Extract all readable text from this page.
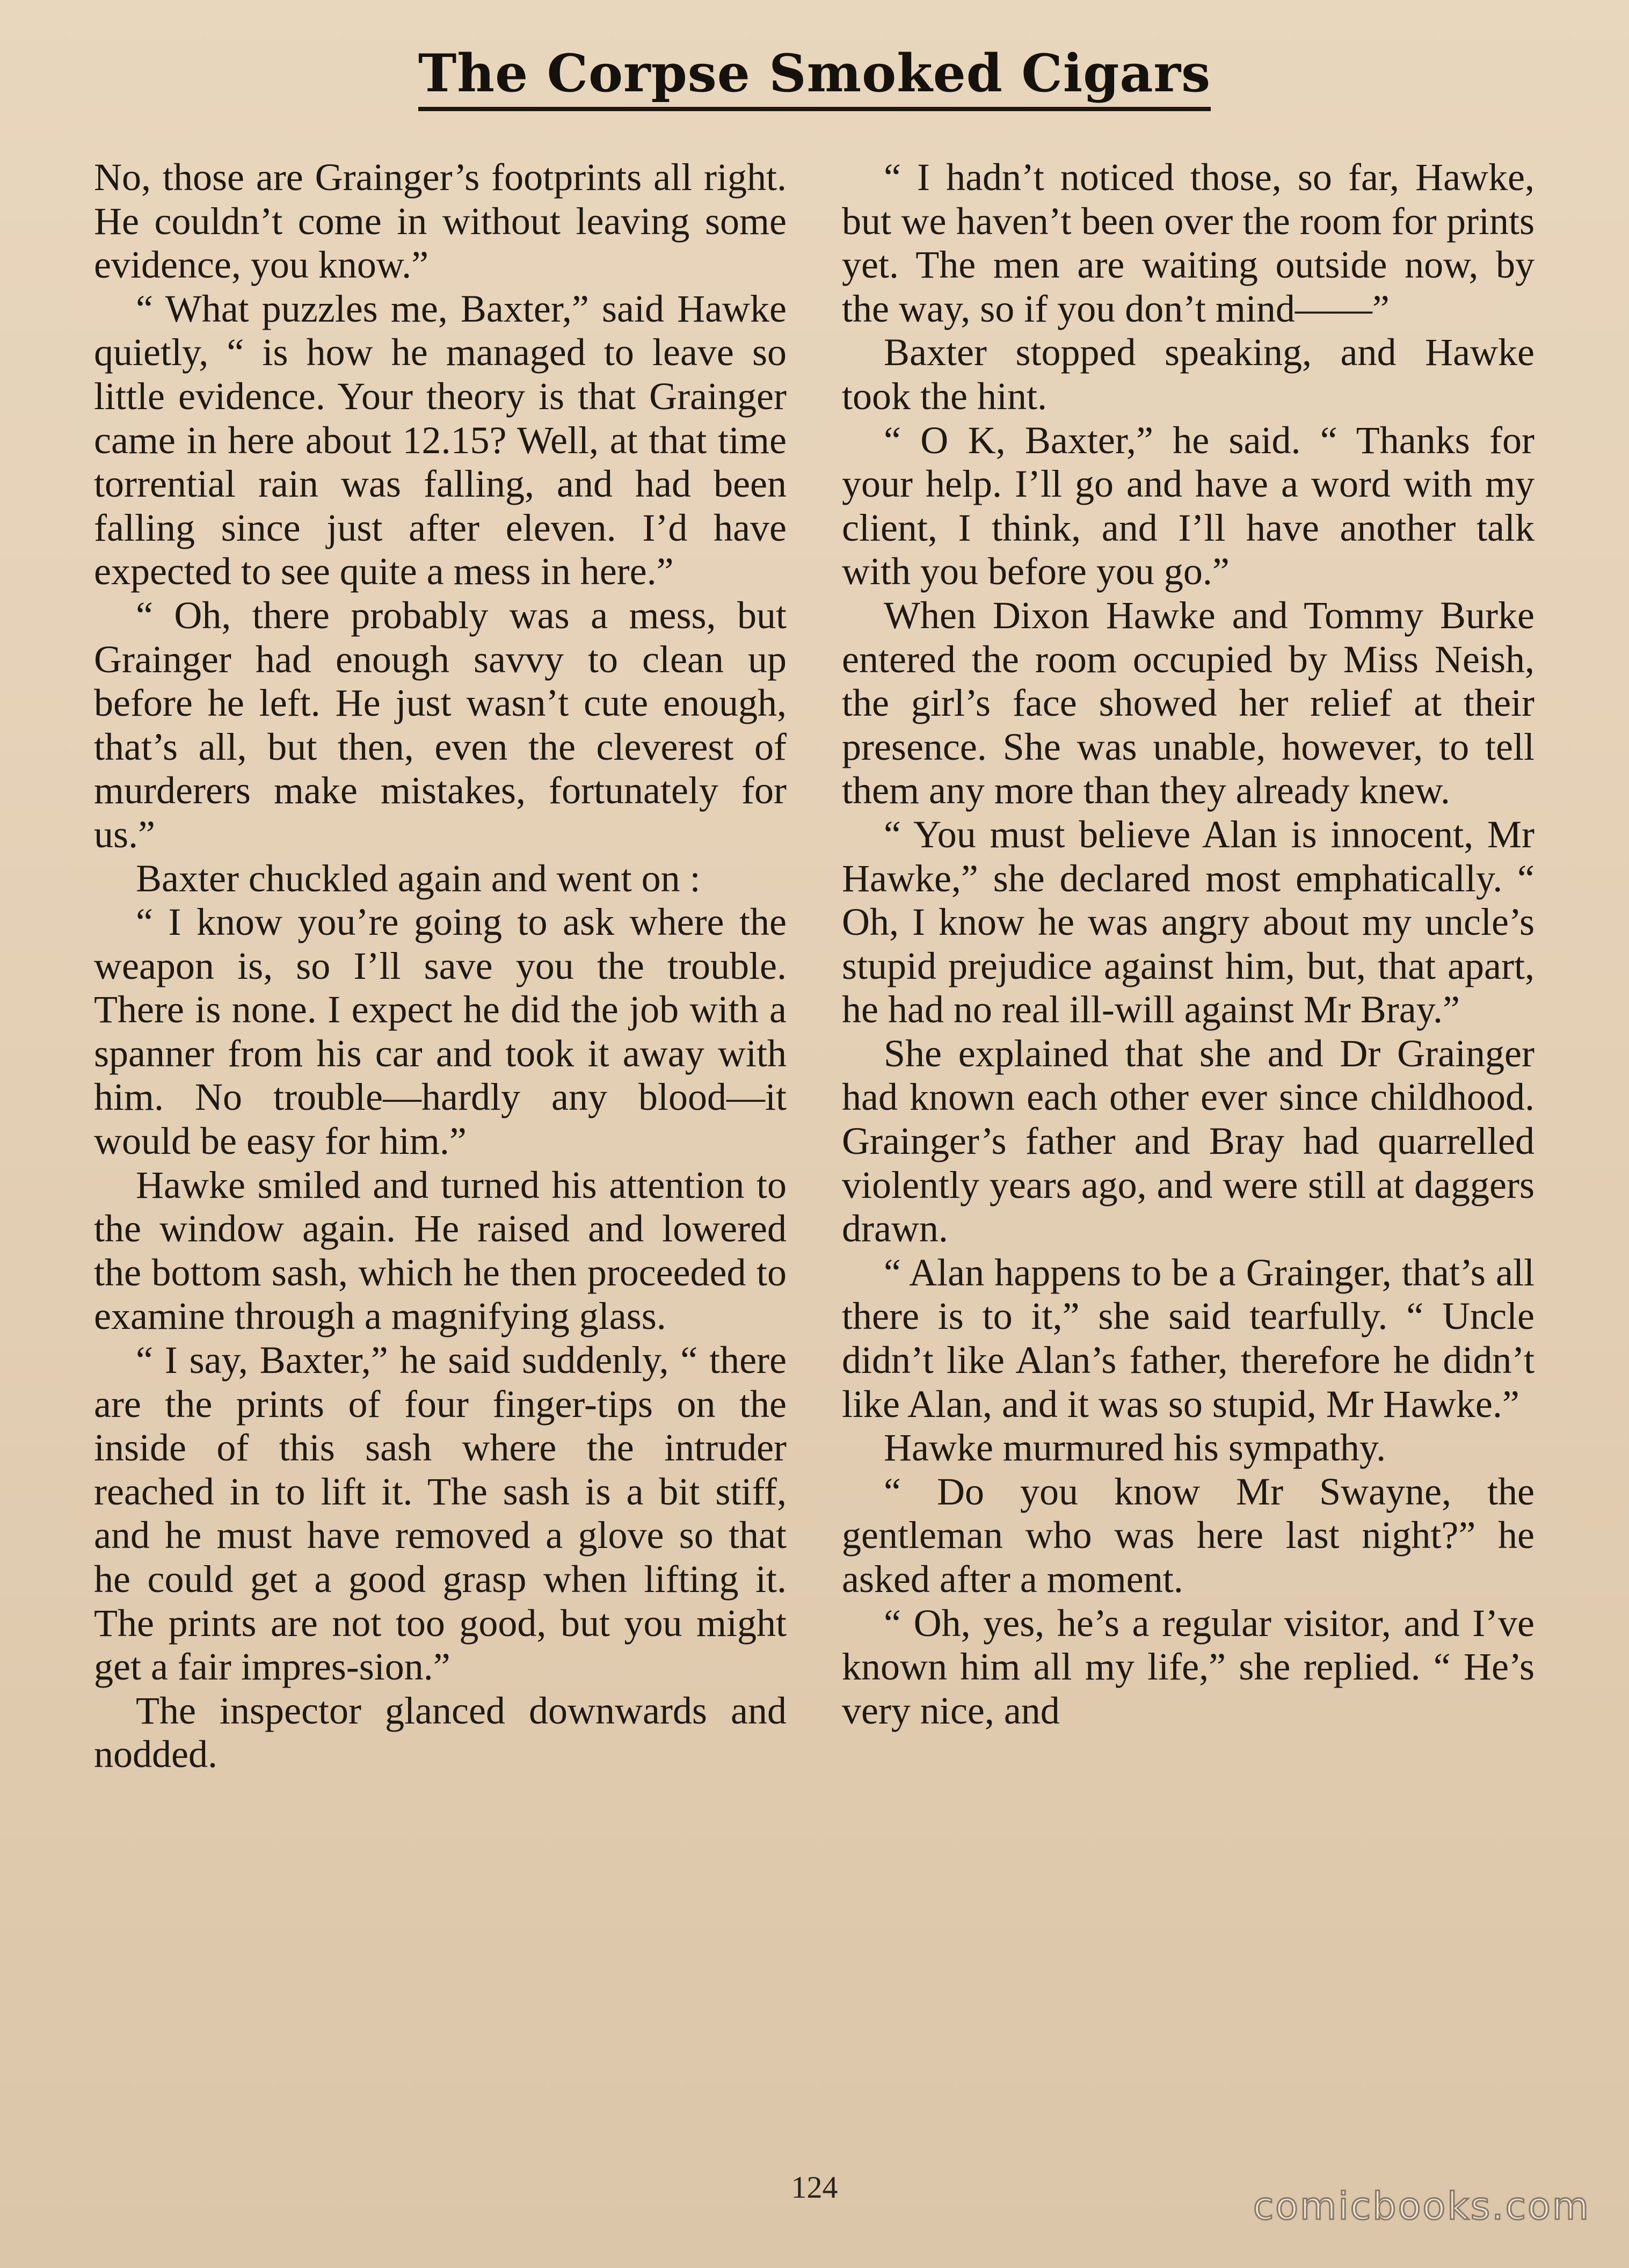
The Corpse Smoked Cigars

No, those are Grainger’s footprints all right. He couldn’t come in without leaving some evidence, you know.”

“ What puzzles me, Baxter,” said Hawke quietly, “ is how he managed to leave so little evidence. Your theory is that Grainger came in here about 12.15? Well, at that time torrential rain was falling, and had been falling since just after eleven. I’d have expected to see quite a mess in here.”

“ Oh, there probably was a mess, but Grainger had enough savvy to clean up before he left. He just wasn’t cute enough, that’s all, but then, even the cleverest of murderers make mistakes, fortunately for us.”

Baxter chuckled again and went on :

“ I know you’re going to ask where the weapon is, so I’ll save you the trouble. There is none. I expect he did the job with a spanner from his car and took it away with him. No trouble—hardly any blood—it would be easy for him.”

Hawke smiled and turned his attention to the window again. He raised and lowered the bottom sash, which he then proceeded to examine through a magnifying glass.

“ I say, Baxter,” he said suddenly, “ there are the prints of four finger-tips on the inside of this sash where the intruder reached in to lift it. The sash is a bit stiff, and he must have removed a glove so that he could get a good grasp when lifting it. The prints are not too good, but you might get a fair impres-sion.”

The inspector glanced downwards and nodded.

“ I hadn’t noticed those, so far, Hawke, but we haven’t been over the room for prints yet. The men are waiting outside now, by the way, so if you don’t mind——”

Baxter stopped speaking, and Hawke took the hint.

“ O K, Baxter,” he said. “ Thanks for your help. I’ll go and have a word with my client, I think, and I’ll have another talk with you before you go.”

When Dixon Hawke and Tommy Burke entered the room occupied by Miss Neish, the girl’s face showed her relief at their presence. She was unable, however, to tell them any more than they already knew.

“ You must believe Alan is innocent, Mr Hawke,” she declared most emphatically. “ Oh, I know he was angry about my uncle’s stupid prejudice against him, but, that apart, he had no real ill-will against Mr Bray.”

She explained that she and Dr Grainger had known each other ever since childhood. Grainger’s father and Bray had quarrelled violently years ago, and were still at daggers drawn.

“ Alan happens to be a Grainger, that’s all there is to it,” she said tearfully. “ Uncle didn’t like Alan’s father, therefore he didn’t like Alan, and it was so stupid, Mr Hawke.”

Hawke murmured his sympathy.

“ Do you know Mr Swayne, the gentleman who was here last night?” he asked after a moment.

“ Oh, yes, he’s a regular visitor, and I’ve known him all my life,” she replied. “ He’s very nice, and

124	comicbooks.com
